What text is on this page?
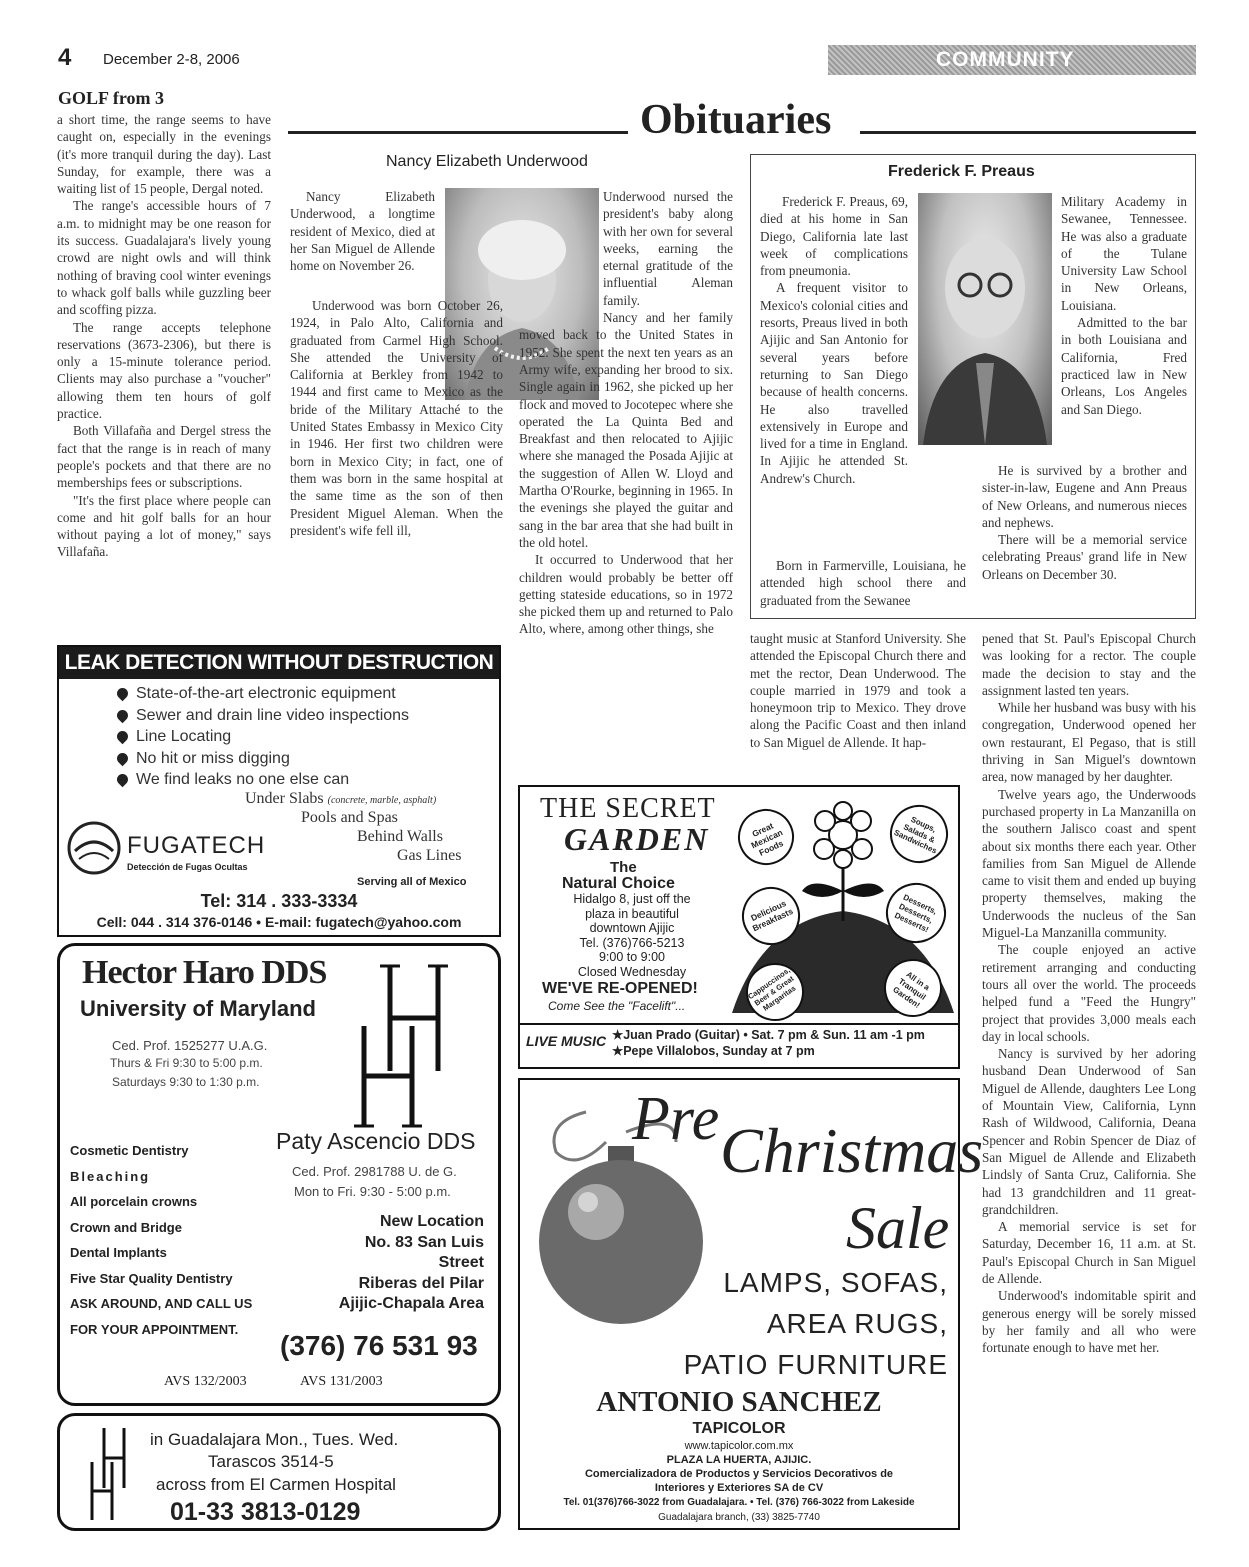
4 December 2-8, 2006	COMMUNITY
GOLF from 3

a short time, the range seems to have caught on, especially in the evenings (it's more tranquil during the day). Last Sunday, for example, there was a waiting list of 15 people, Dergal noted.

The range's accessible hours of 7 a.m. to midnight may be one reason for its success. Guadalajara's lively young crowd are night owls and will think nothing of braving cool winter evenings to whack golf balls while guzzling beer and scoffing pizza.

The range accepts telephone reservations (3673-2306), but there is only a 15-minute tolerance period. Clients may also purchase a "voucher" allowing them ten hours of golf practice.

Both Villafaña and Dergel stress the fact that the range is in reach of many people's pockets and that there are no memberships fees or subscriptions.

"It's the first place where people can come and hit golf balls for an hour without paying a lot of money," says Villafaña.

Obituaries
Nancy Elizabeth Underwood

Nancy Elizabeth Underwood, a longtime resident of Mexico, died at her San Miguel de Allende home on November 26.

Underwood was born October 26, 1924, in Palo Alto, California and graduated from Carmel High School. She attended the University of California at Berkley from 1942 to 1944 and first came to Mexico as the bride of the Military Attaché to the United States Embassy in Mexico City in 1946. Her first two children were born in Mexico City; in fact, one of them was born in the same hospital at the same time as the son of then President Miguel Aleman. When the president's wife fell ill,

Underwood nursed the president's baby along with her own for several weeks, earning the eternal gratitude of the influential Aleman family.

Nancy and her family moved back to the United States in 1952. She spent the next ten years as an Army wife, expanding her brood to six. Single again in 1962, she picked up her flock and moved to Jocotepec where she operated the La Quinta Bed and Breakfast and then relocated to Ajijic where she managed the Posada Ajijic at the suggestion of Allen W. Lloyd and Martha O'Rourke, beginning in 1965. In the evenings she played the guitar and sang in the bar area that she had built in the old hotel.

It occurred to Underwood that her children would probably be better off getting stateside educations, so in 1972 she picked them up and returned to Palo Alto, where, among other things, she

taught music at Stanford University. She attended the Episcopal Church there and met the rector, Dean Underwood. The couple married in 1979 and took a honeymoon trip to Mexico. They drove along the Pacific Coast and then inland to San Miguel de Allende. It hap-

pened that St. Paul's Episcopal Church was looking for a rector. The couple made the decision to stay and the assignment lasted ten years.

While her husband was busy with his congregation, Underwood opened her own restaurant, El Pegaso, that is still thriving in San Miguel's downtown area, now managed by her daughter.

Twelve years ago, the Underwoods purchased property in La Manzanilla on the southern Jalisco coast and spent about six months there each year. Other families from San Miguel de Allende came to visit them and ended up buying property themselves, making the Underwoods the nucleus of the San Miguel-La Manzanilla community.

The couple enjoyed an active retirement arranging and conducting tours all over the world. The proceeds helped fund a "Feed the Hungry" project that provides 3,000 meals each day in local schools.

Nancy is survived by her adoring husband Dean Underwood of San Miguel de Allende, daughters Lee Long of Mountain View, California, Lynn Rash of Wildwood, California, Deana Spencer and Robin Spencer de Diaz of San Miguel de Allende and Elizabeth Lindsly of Santa Cruz, California. She had 13 grandchildren and 11 great-grandchildren.

A memorial service is set for Saturday, December 16, 11 a.m. at St. Paul's Episcopal Church in San Miguel de Allende.

Underwood's indomitable spirit and generous energy will be sorely missed by her family and all who were fortunate enough to have met her.

Frederick F. Preaus

Frederick F. Preaus, 69, died at his home in San Diego, California late last week of complications from pneumonia.

A frequent visitor to Mexico's colonial cities and resorts, Preaus lived in both Ajijic and San Antonio for several years before returning to San Diego because of health concerns. He also travelled extensively in Europe and lived for a time in England. In Ajijic he attended St. Andrew's Church.

Born in Farmerville, Louisiana, he attended high school there and graduated from the Sewanee

Military Academy in Sewanee, Tennessee. He was also a graduate of the Tulane University Law School in New Orleans, Louisiana.

Admitted to the bar in both Louisiana and California, Fred practiced law in New Orleans, Los Angeles and San Diego.

He is survived by a brother and sister-in-law, Eugene and Ann Preaus of New Orleans, and numerous nieces and nephews.

There will be a memorial service celebrating Preaus' grand life in New Orleans on December 30.

LEAK DETECTION WITHOUT DESTRUCTION
State-of-the-art electronic equipment
Sewer and drain line video inspections
Line Locating
No hit or miss digging
We find leaks no one else can
Under Slabs (concrete, marble, asphalt)
Pools and Spas
Behind Walls
Gas Lines
FUGATECH
Detección de Fugas Ocultas
Serving all of Mexico
Tel: 314 . 333-3334
Cell: 044 . 314 376-0146 • E-mail: fugatech@yahoo.com
Hector Haro DDS
University of Maryland
Ced. Prof. 1525277 U.A.G.
Thurs & Fri 9:30 to 5:00 p.m.
Saturdays 9:30 to 1:30 p.m.
Cosmetic Dentistry
Bleaching
All porcelain crowns
Crown and Bridge
Dental Implants
Five Star Quality Dentistry
ASK AROUND, AND CALL US
FOR YOUR APPOINTMENT.
Paty Ascencio DDS
Ced. Prof. 2981788 U. de G.
Mon to Fri. 9:30 - 5:00 p.m.
New Location
No. 83 San Luis
Street
Riberas del Pilar
Ajijic-Chapala Area
(376) 76 531 93
AVS 132/2003	AVS 131/2003
in Guadalajara Mon., Tues. Wed.
Tarascos 3514-5
across from El Carmen Hospital
01-33 3813-0129
THE SECRET
GARDEN
The
Natural Choice
Hidalgo 8, just off the
plaza in beautiful
downtown Ajijic
Tel. (376)766-5213
9:00 to 9:00
Closed Wednesday
WE'VE RE-OPENED!
Come See the "Facelift"...
Great Mexican Foods
Soups, Salads & Sandwiches
Delicious Breakfasts
Desserts, Desserts, Desserts!
Cappuccinos, Beer & Great Margaritas
All in a Tranquil Garden!
LIVE MUSIC ★Juan Prado (Guitar) • Sat. 7 pm & Sun. 11 am -1 pm
★Pepe Villalobos, Sunday at 7 pm
Pre Christmas
Sale
LAMPS, SOFAS,
AREA RUGS,
PATIO FURNITURE
ANTONIO SANCHEZ
TAPICOLOR
www.tapicolor.com.mx
PLAZA LA HUERTA, AJIJIC.
Comercializadora de Productos y Servicios Decorativos de
Interiores y Exteriores SA de CV
Tel. 01(376)766-3022 from Guadalajara. • Tel. (376) 766-3022 from Lakeside
Guadalajara branch, (33) 3825-7740
